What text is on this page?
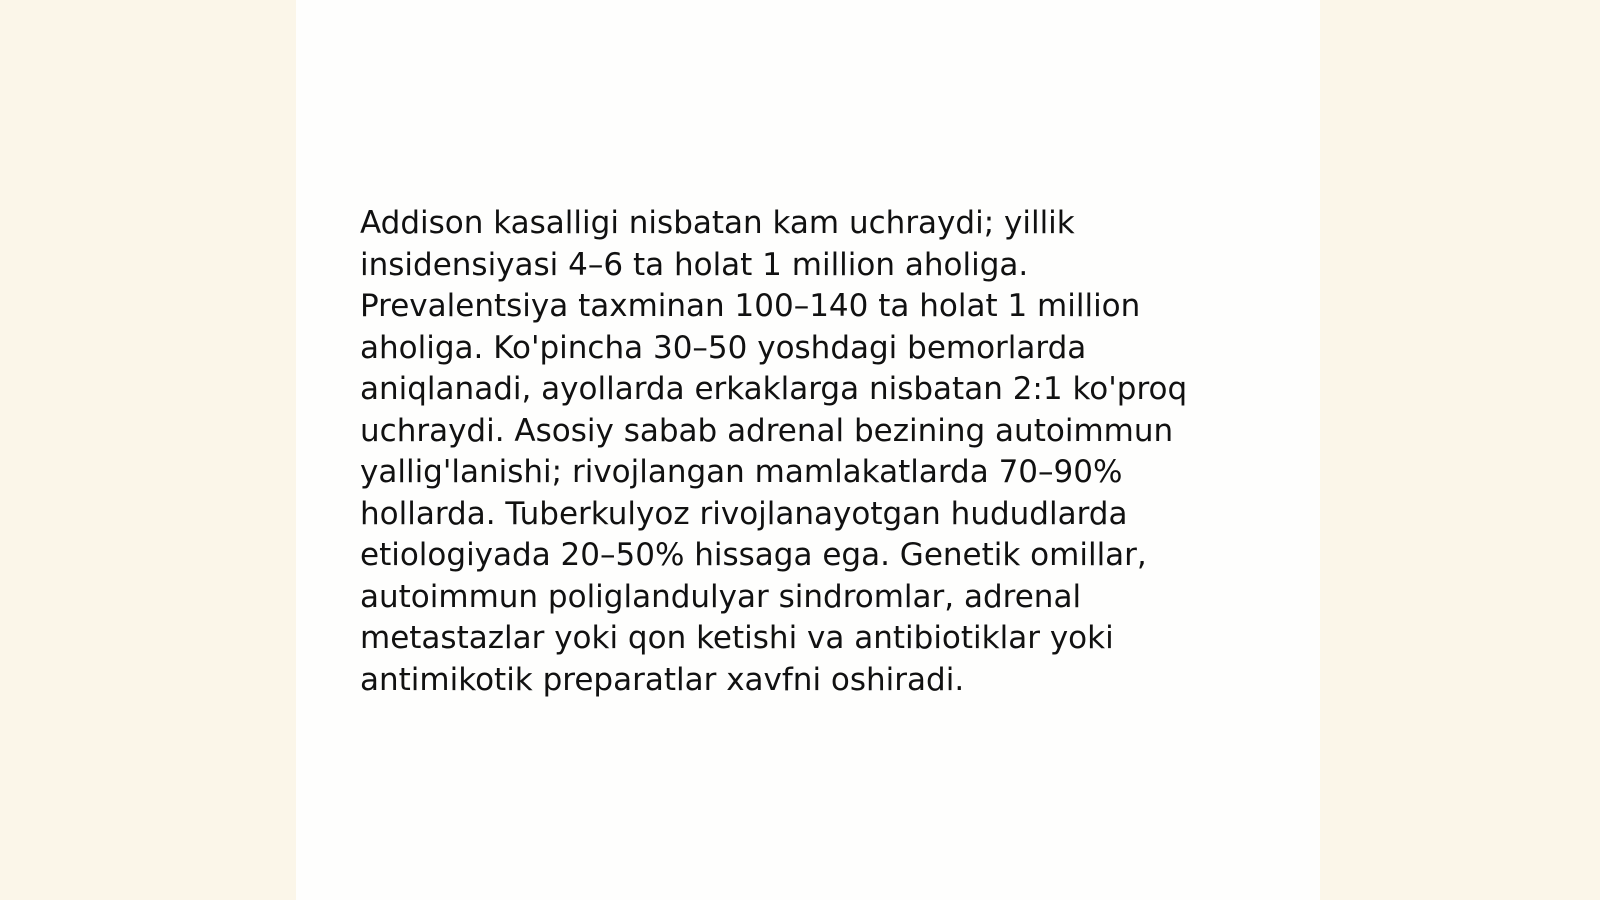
Addison kasalligi nisbatan kam uchraydi; yillik
insidensiyasi 4–6 ta holat 1 million aholiga.
Prevalentsiya taxminan 100–140 ta holat 1 million
aholiga. Ko'pincha 30–50 yoshdagi bemorlarda
aniqlanadi, ayollarda erkaklarga nisbatan 2:1 ko'proq
uchraydi. Asosiy sabab adrenal bezining autoimmun
yallig'lanishi; rivojlangan mamlakatlarda 70–90%
hollarda. Tuberkulyoz rivojlanayotgan hududlarda
etiologiyada 20–50% hissaga ega. Genetik omillar,
autoimmun poliglandulyar sindromlar, adrenal
metastazlar yoki qon ketishi va antibiotiklar yoki
antimikotik preparatlar xavfni oshiradi.
